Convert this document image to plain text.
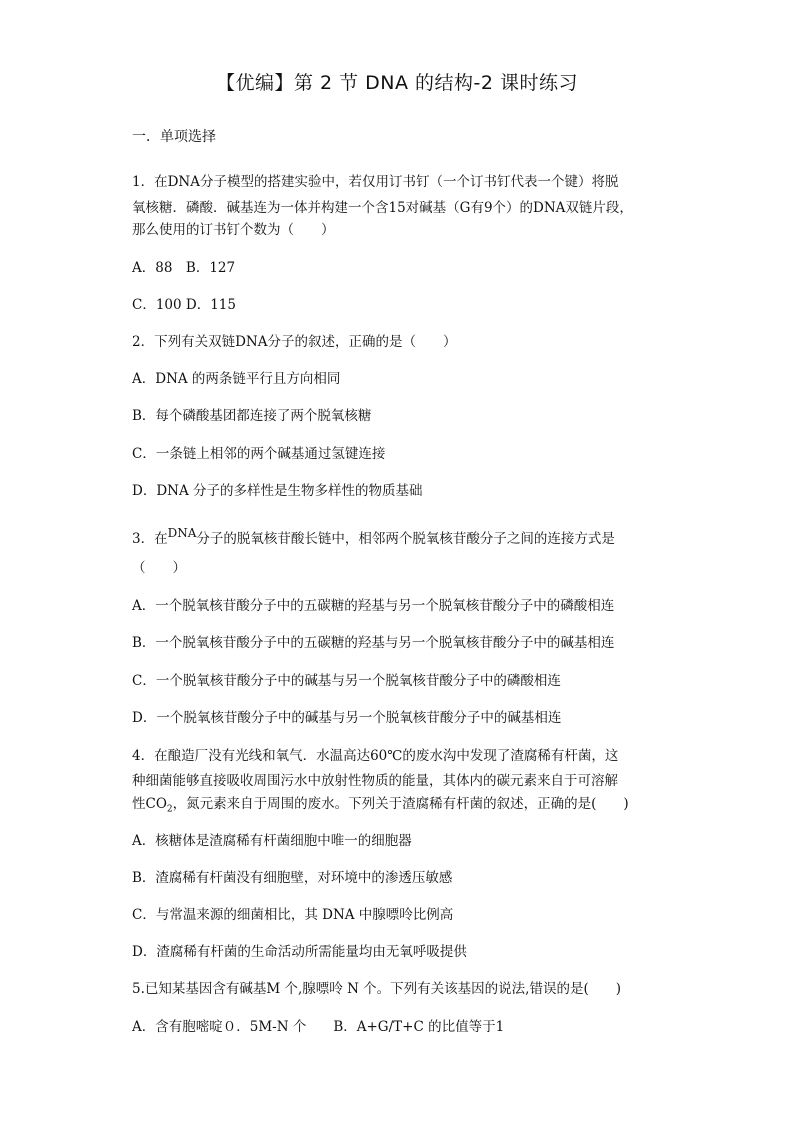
【优编】第 2 节 DNA 的结构-2 课时练习
一．单项选择
1．在DNA分子模型的搭建实验中，若仅用订书钉（一个订书钉代表一个键）将脱
氧核糖．磷酸．碱基连为一体并构建一个含15对碱基（G有9个）的DNA双链片段，
那么使用的订书钉个数为（　　）
A．88　B．127
C．100 D．115
2．下列有关双链DNA分子的叙述，正确的是（　　）
A．DNA 的两条链平行且方向相同
B．每个磷酸基团都连接了两个脱氧核糖
C．一条链上相邻的两个碱基通过氢键连接
D．DNA 分子的多样性是生物多样性的物质基础
3．在DNA分子的脱氧核苷酸长链中，相邻两个脱氧核苷酸分子之间的连接方式是
（　　）
A．一个脱氧核苷酸分子中的五碳糖的羟基与另一个脱氧核苷酸分子中的磷酸相连
B．一个脱氧核苷酸分子中的五碳糖的羟基与另一个脱氧核苷酸分子中的碱基相连
C．一个脱氧核苷酸分子中的碱基与另一个脱氧核苷酸分子中的磷酸相连
D．一个脱氧核苷酸分子中的碱基与另一个脱氧核苷酸分子中的碱基相连
4．在酿造厂没有光线和氧气．水温高达60℃的废水沟中发现了渣腐稀有杆菌，这
种细菌能够直接吸收周围污水中放射性物质的能量，其体内的碳元素来自于可溶解
性$CO_2$，氮元素来自于周围的废水。下列关于渣腐稀有杆菌的叙述，正确的是(　　)
A．核糖体是渣腐稀有杆菌细胞中唯一的细胞器
B．渣腐稀有杆菌没有细胞壁，对环境中的渗透压敏感
C．与常温来源的细菌相比，其 DNA 中腺嘌呤比例高
D．渣腐稀有杆菌的生命活动所需能量均由无氧呼吸提供
5.已知某基因含有碱基M 个,腺嘌呤 N 个。下列有关该基因的说法,错误的是(　　)
A．含有胞嘧啶０．5M-N 个　　B．A+G/T+C 的比值等于1
